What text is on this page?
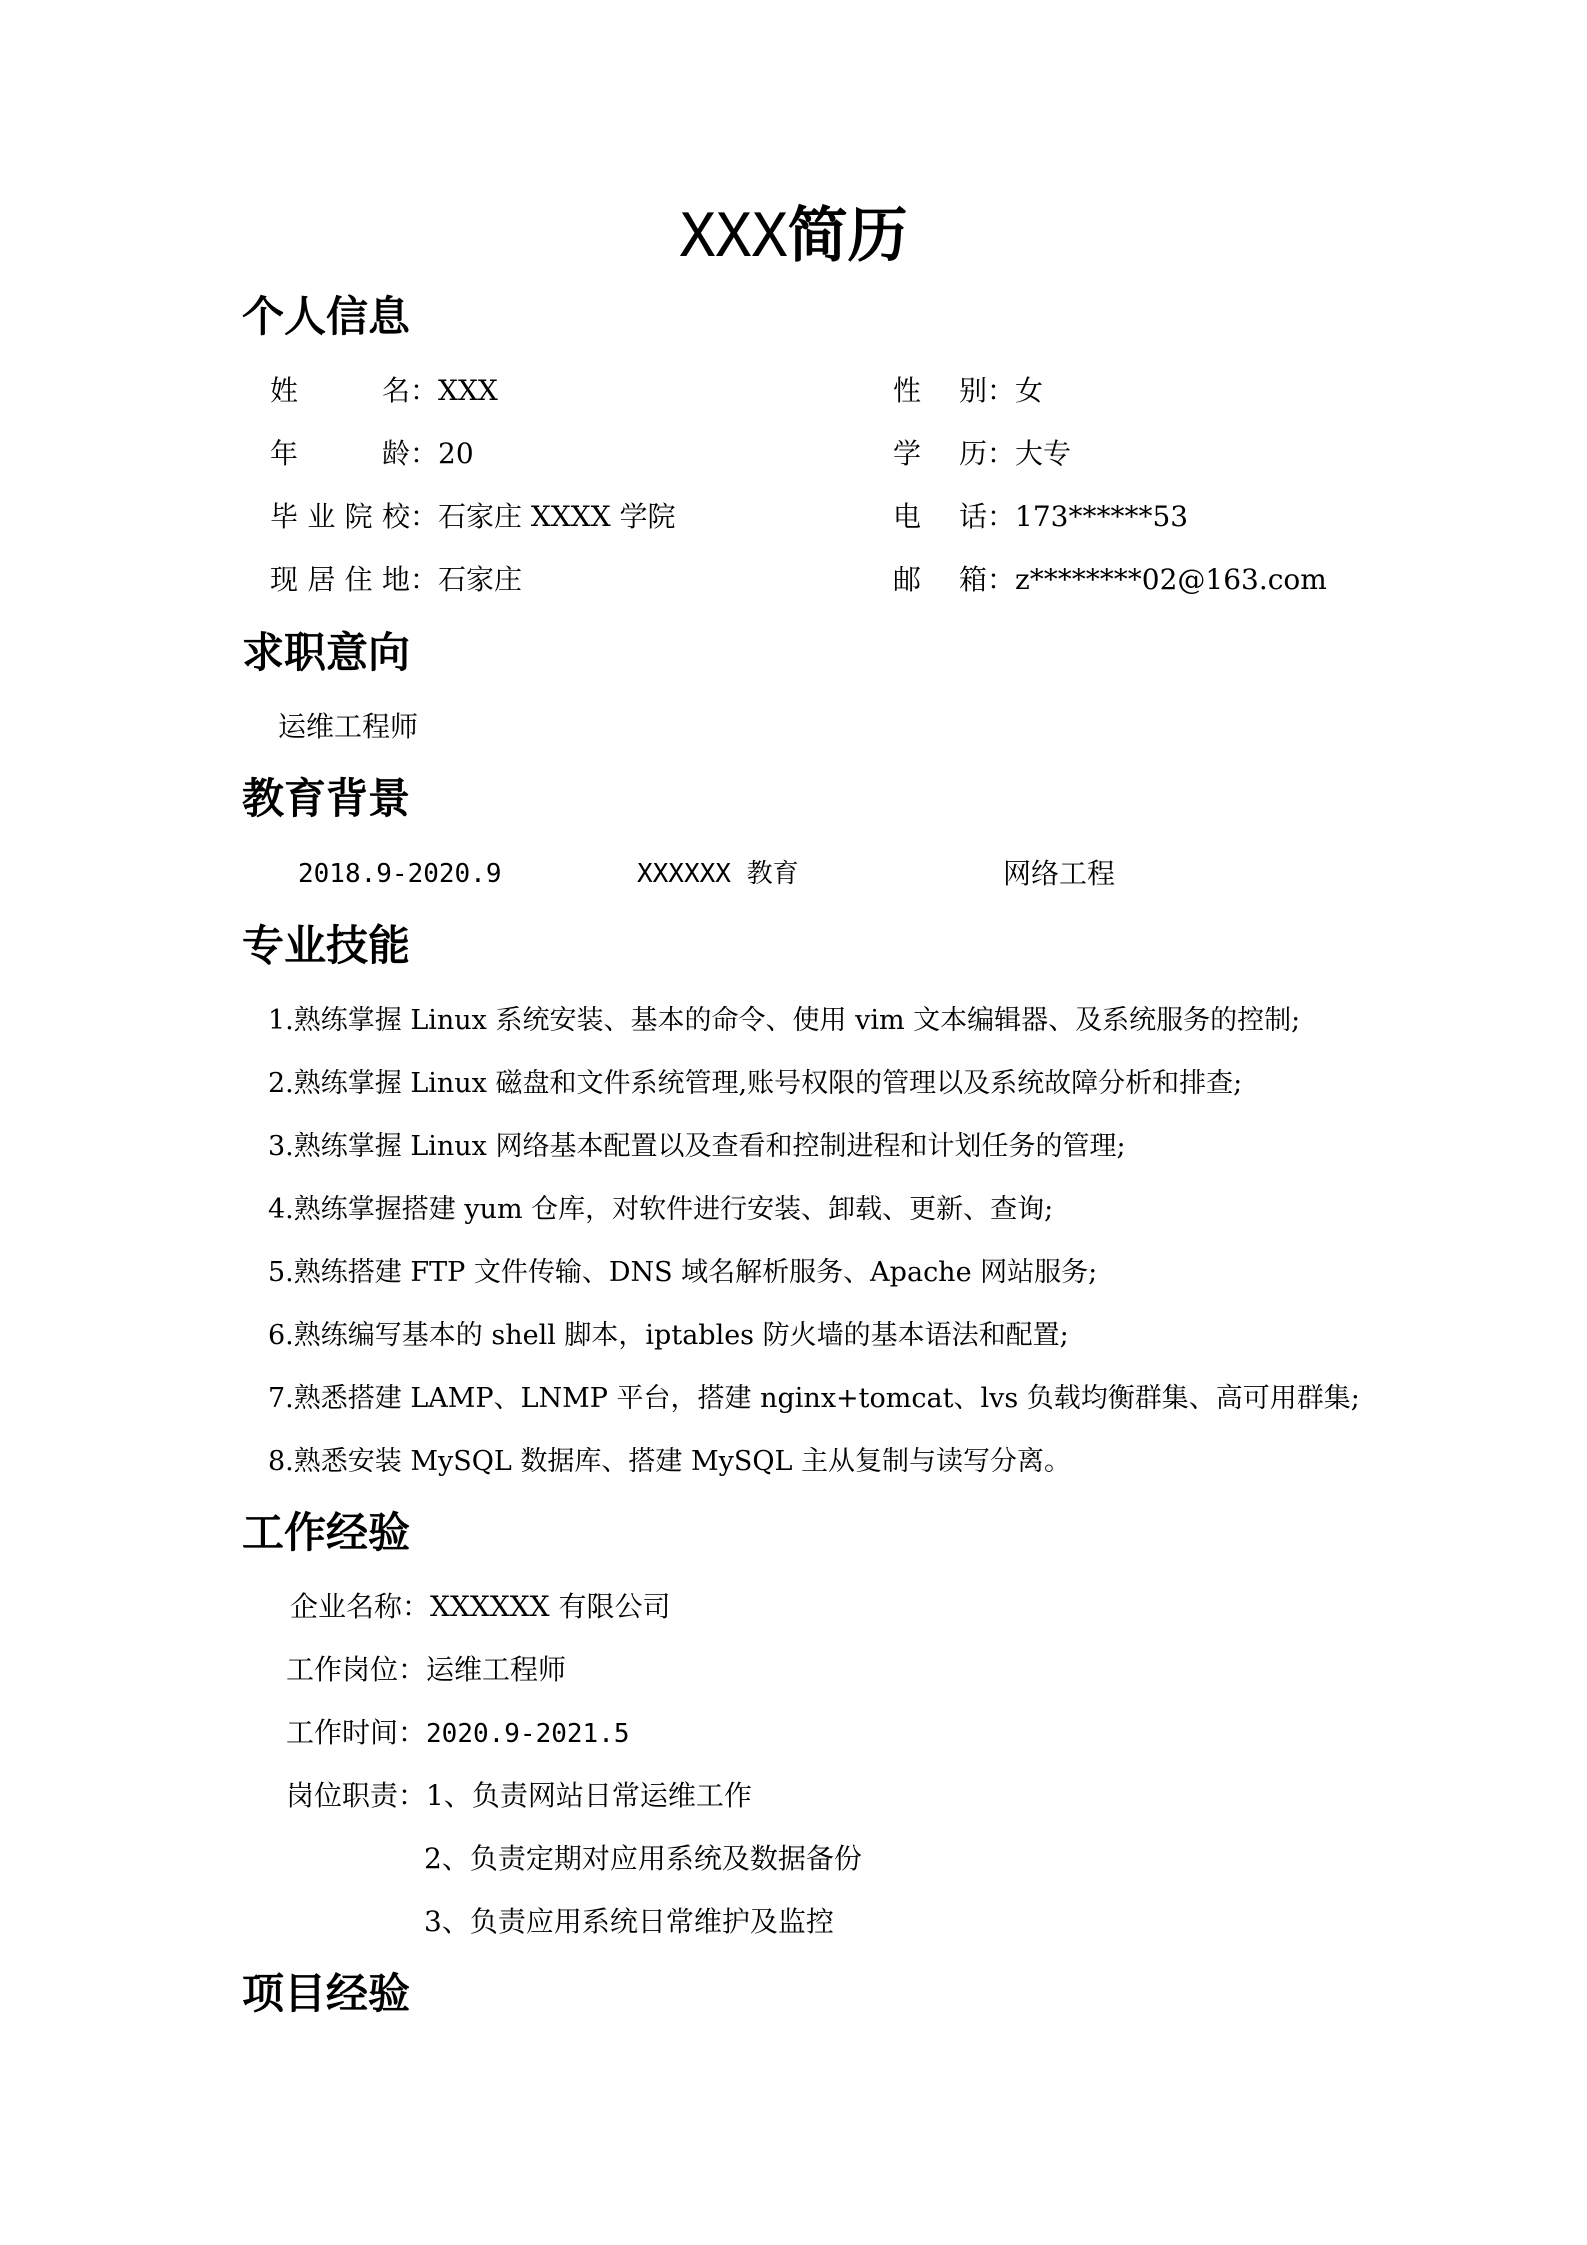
XXX简历
个人信息
姓名：XXX	性别：女
年龄：20	学历：大专
毕业院校：石家庄 XXXX 学院	电话：173******53
现居住地：石家庄	邮箱：z********02@163.com
求职意向
运维工程师
教育背景
2018.9-2020.9	XXXXXX 教育	网络工程
专业技能
1.熟练掌握 Linux 系统安装、基本的命令、使用 vim 文本编辑器、及系统服务的控制;
2.熟练掌握 Linux 磁盘和文件系统管理,账号权限的管理以及系统故障分析和排查;
3.熟练掌握 Linux 网络基本配置以及查看和控制进程和计划任务的管理;
4.熟练掌握搭建 yum 仓库，对软件进行安装、卸载、更新、查询;
5.熟练搭建 FTP 文件传输、DNS 域名解析服务、Apache 网站服务;
6.熟练编写基本的 shell 脚本，iptables 防火墙的基本语法和配置;
7.熟悉搭建 LAMP、LNMP 平台，搭建 nginx+tomcat、lvs 负载均衡群集、高可用群集;
8.熟悉安装 MySQL 数据库、搭建 MySQL 主从复制与读写分离。
工作经验
企业名称：XXXXXX 有限公司
工作岗位：运维工程师
工作时间：2020.9-2021.5
岗位职责：1、负责网站日常运维工作
2、负责定期对应用系统及数据备份
3、负责应用系统日常维护及监控
项目经验
